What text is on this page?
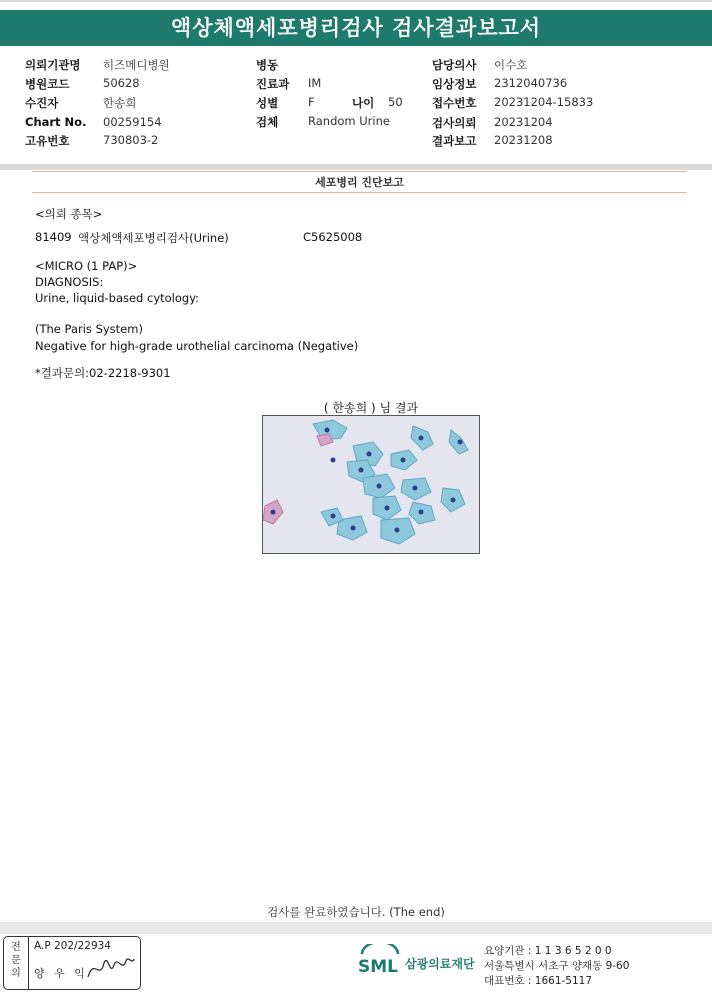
액상체액세포병리검사 검사결과보고서
의뢰기관명 히즈메디병원
병원코드	50628
수진자	한송희
Chart No. 00259154
고유번호	730803-2
병동
진료과 IM
성별	F	나이 50
검체	Random Urine
담당의사 이수호
임상정보 2312040736
접수번호 20231204-15833
검사의뢰 20231204
결과보고 20231208
세포병리 진단보고
<의뢰 종목>
81409 액상체액세포병리검사(Urine)	C5625008
<MICRO (1 PAP)>
DIAGNOSIS:
Urine, liquid-based cytology:
(The Paris System)
Negative for high-grade urothelial carcinoma (Negative)
*결과문의:02-2218-9301
( 한송희 ) 님 결과
검사를 완료하였습니다. (The end)
전
문
의
A.P 202/22934
양 우 익	SML 삼광의료재단
요양기관 : 1 1 3 6 5 2 0 0
서울특별시 서초구 양재동 9-60
대표번호 : 1661-5117
